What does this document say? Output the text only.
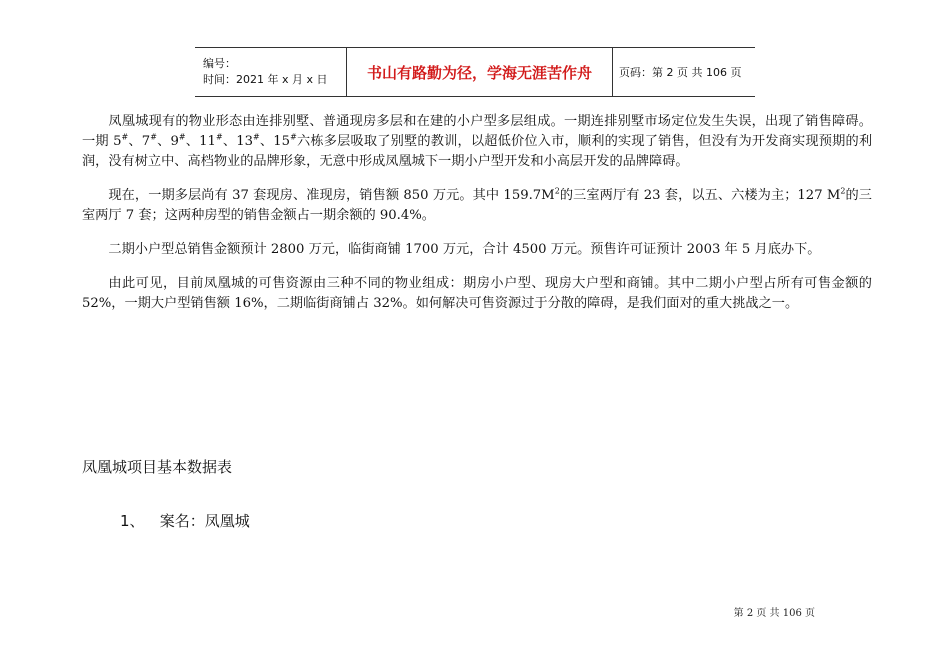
编号：
时间：2021 年 x 月 x 日	书山有路勤为径，学海无涯苦作舟	页码：第 2 页 共 106 页

凤凰城现有的物业形态由连排别墅、普通现房多层和在建的小户型多层组成。一期连排别墅市场定位发生失误，出现了销售障碍。一期 5#、7#、9#、11#、13#、15#六栋多层吸取了别墅的教训，以超低价位入市，顺利的实现了销售，但没有为开发商实现预期的利润，没有树立中、高档物业的品牌形象，无意中形成凤凰城下一期小户型开发和小高层开发的品牌障碍。

现在，一期多层尚有 37 套现房、准现房，销售额 850 万元。其中 $159.7M^2$的三室两厅有 23 套，以五、六楼为主；127 $M^2$的三室两厅 7 套；这两种房型的销售金额占一期余额的 90.4%。

二期小户型总销售金额预计 2800 万元，临街商铺 1700 万元，合计 4500 万元。预售许可证预计 2003 年 5 月底办下。

由此可见，目前凤凰城的可售资源由三种不同的物业组成：期房小户型、现房大户型和商铺。其中二期小户型占所有可售金额的 52%，一期大户型销售额 16%，二期临街商铺占 32%。如何解决可售资源过于分散的障碍，是我们面对的重大挑战之一。

凤凰城项目基本数据表
1、 案名：凤凰城
第 2 页 共 106 页
